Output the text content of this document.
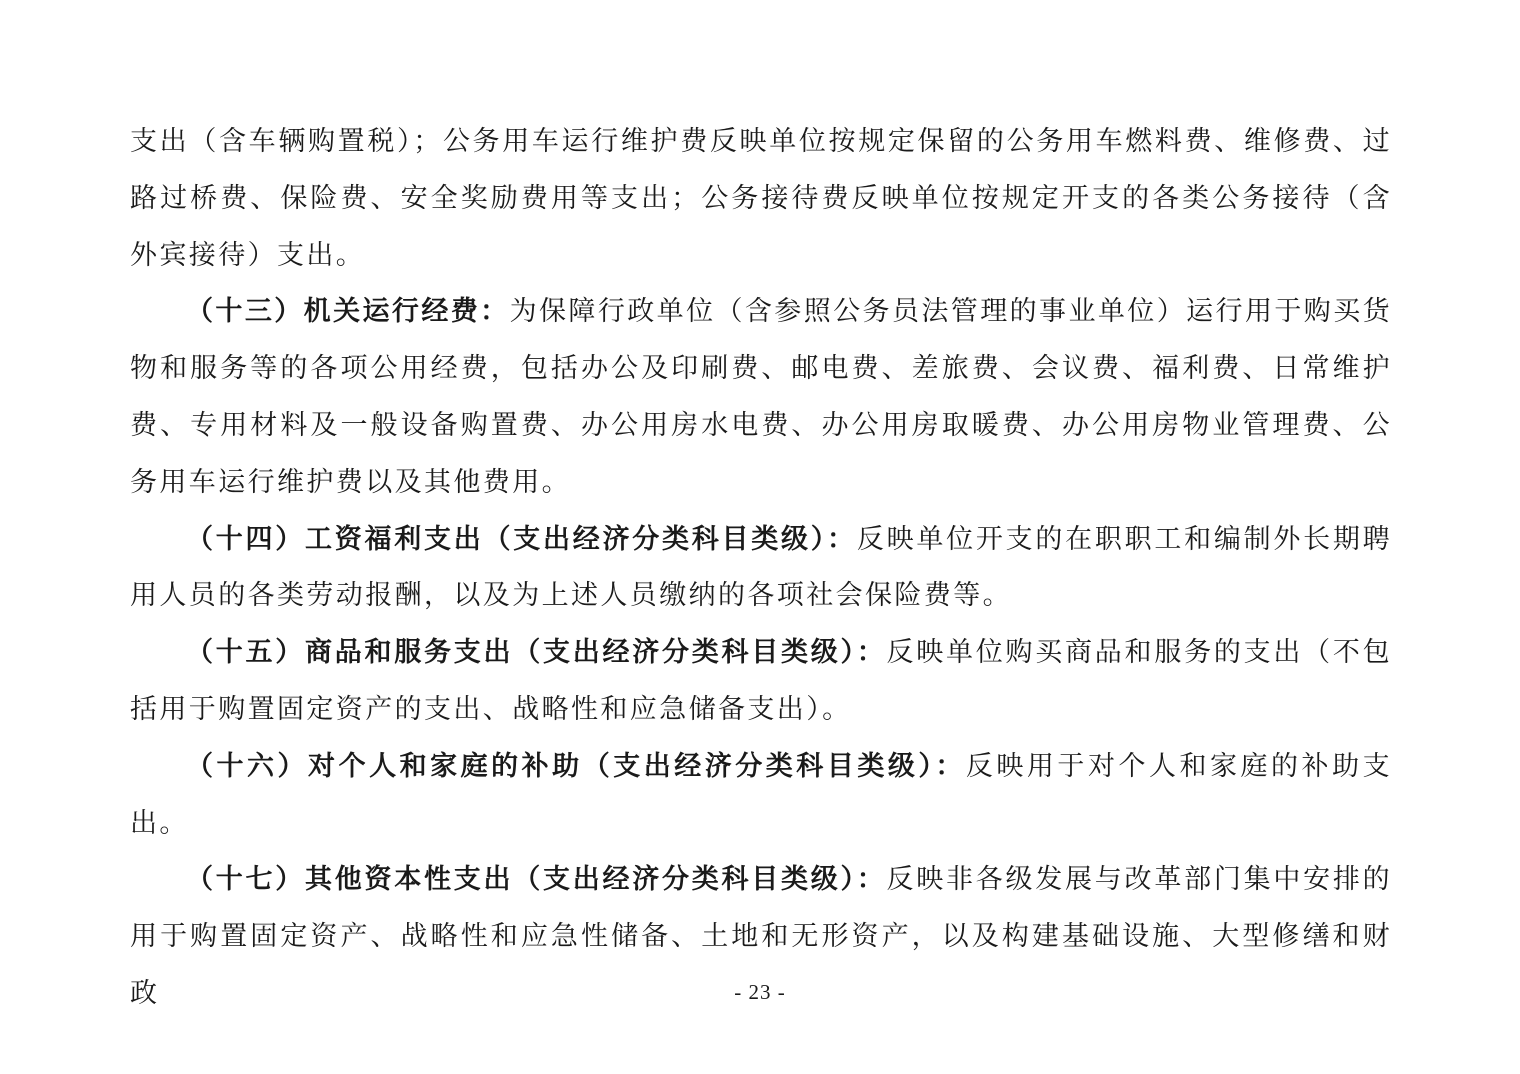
支出（含车辆购置税）；公务用车运行维护费反映单位按规定保留的公务用车燃料费、维修费、过路过桥费、保险费、安全奖励费用等支出；公务接待费反映单位按规定开支的各类公务接待（含外宾接待）支出。

（十三）机关运行经费：为保障行政单位（含参照公务员法管理的事业单位）运行用于购买货物和服务等的各项公用经费，包括办公及印刷费、邮电费、差旅费、会议费、福利费、日常维护费、专用材料及一般设备购置费、办公用房水电费、办公用房取暖费、办公用房物业管理费、公务用车运行维护费以及其他费用。

（十四）工资福利支出（支出经济分类科目类级）：反映单位开支的在职职工和编制外长期聘用人员的各类劳动报酬，以及为上述人员缴纳的各项社会保险费等。

（十五）商品和服务支出（支出经济分类科目类级）：反映单位购买商品和服务的支出（不包括用于购置固定资产的支出、战略性和应急储备支出）。

（十六）对个人和家庭的补助（支出经济分类科目类级）：反映用于对个人和家庭的补助支出。

（十七）其他资本性支出（支出经济分类科目类级）：反映非各级发展与改革部门集中安排的用于购置固定资产、战略性和应急性储备、土地和无形资产，以及构建基础设施、大型修缮和财政	- 23 -
